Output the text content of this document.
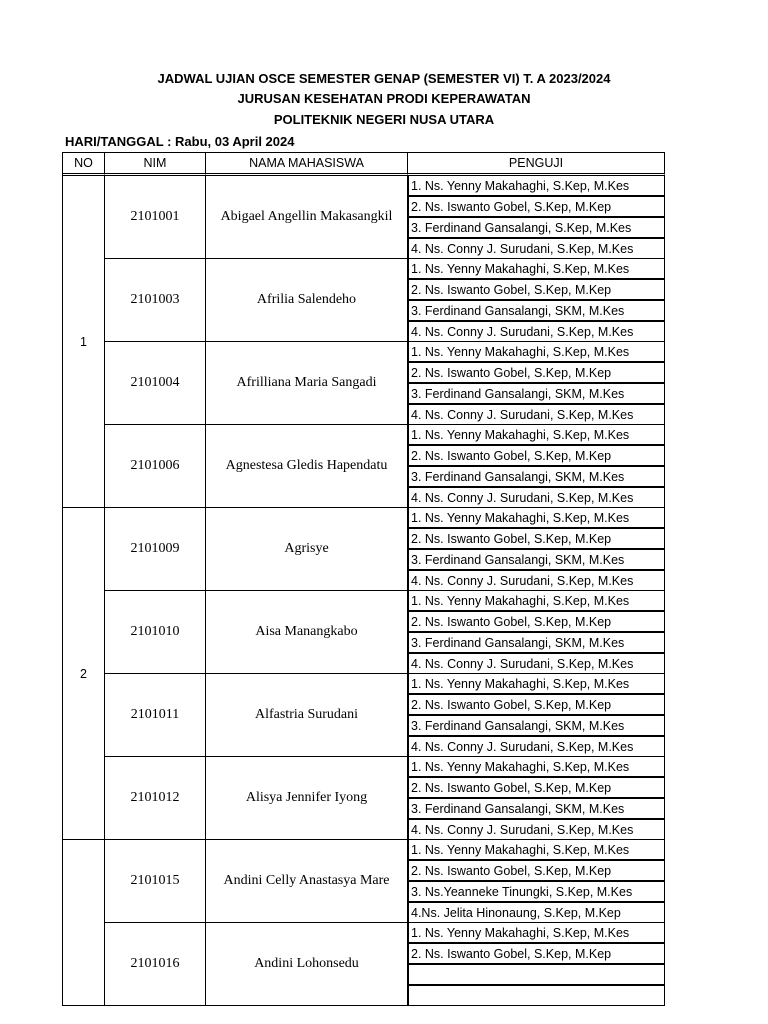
JADWAL UJIAN OSCE SEMESTER GENAP (SEMESTER VI) T. A 2023/2024
JURUSAN KESEHATAN PRODI KEPERAWATAN
POLITEKNIK NEGERI NUSA UTARA
HARI/TANGGAL : Rabu, 03 April 2024
NO	NIM	NAMA MAHASISWA	PENGUJI
1	2101001	Abigael Angellin Makasangkil	1. Ns. Yenny Makahaghi, S.Kep, M.Kes
			2. Ns. Iswanto Gobel, S.Kep, M.Kep
			3. Ferdinand Gansalangi, S.Kep, M.Kes
			4. Ns. Conny J. Surudani, S.Kep, M.Kes
	2101003	Afrilia Salendeho	1. Ns. Yenny Makahaghi, S.Kep, M.Kes
			2. Ns. Iswanto Gobel, S.Kep, M.Kep
			3. Ferdinand Gansalangi, SKM, M.Kes
			4. Ns. Conny J. Surudani, S.Kep, M.Kes
	2101004	Afrilliana Maria Sangadi	1. Ns. Yenny Makahaghi, S.Kep, M.Kes
			2. Ns. Iswanto Gobel, S.Kep, M.Kep
			3. Ferdinand Gansalangi, SKM, M.Kes
			4. Ns. Conny J. Surudani, S.Kep, M.Kes
	2101006	Agnestesa Gledis Hapendatu	1. Ns. Yenny Makahaghi, S.Kep, M.Kes
			2. Ns. Iswanto Gobel, S.Kep, M.Kep
			3. Ferdinand Gansalangi, SKM, M.Kes
			4. Ns. Conny J. Surudani, S.Kep, M.Kes
2	2101009	Agrisye	1. Ns. Yenny Makahaghi, S.Kep, M.Kes
			2. Ns. Iswanto Gobel, S.Kep, M.Kep
			3. Ferdinand Gansalangi, SKM, M.Kes
			4. Ns. Conny J. Surudani, S.Kep, M.Kes
	2101010	Aisa Manangkabo	1. Ns. Yenny Makahaghi, S.Kep, M.Kes
			2. Ns. Iswanto Gobel, S.Kep, M.Kep
			3. Ferdinand Gansalangi, SKM, M.Kes
			4. Ns. Conny J. Surudani, S.Kep, M.Kes
	2101011	Alfastria Surudani	1. Ns. Yenny Makahaghi, S.Kep, M.Kes
			2. Ns. Iswanto Gobel, S.Kep, M.Kep
			3. Ferdinand Gansalangi, SKM, M.Kes
			4. Ns. Conny J. Surudani, S.Kep, M.Kes
	2101012	Alisya Jennifer Iyong	1. Ns. Yenny Makahaghi, S.Kep, M.Kes
			2. Ns. Iswanto Gobel, S.Kep, M.Kep
			3. Ferdinand Gansalangi, SKM, M.Kes
			4. Ns. Conny J. Surudani, S.Kep, M.Kes
	2101015	Andini Celly Anastasya Mare	1. Ns. Yenny Makahaghi, S.Kep, M.Kes
			2. Ns. Iswanto Gobel, S.Kep, M.Kep
			3. Ns.Yeanneke Tinungki, S.Kep, M.Kes
			4.Ns. Jelita Hinonaung, S.Kep, M.Kep
	2101016	Andini Lohonsedu	1. Ns. Yenny Makahaghi, S.Kep, M.Kes
			2. Ns. Iswanto Gobel, S.Kep, M.Kep
